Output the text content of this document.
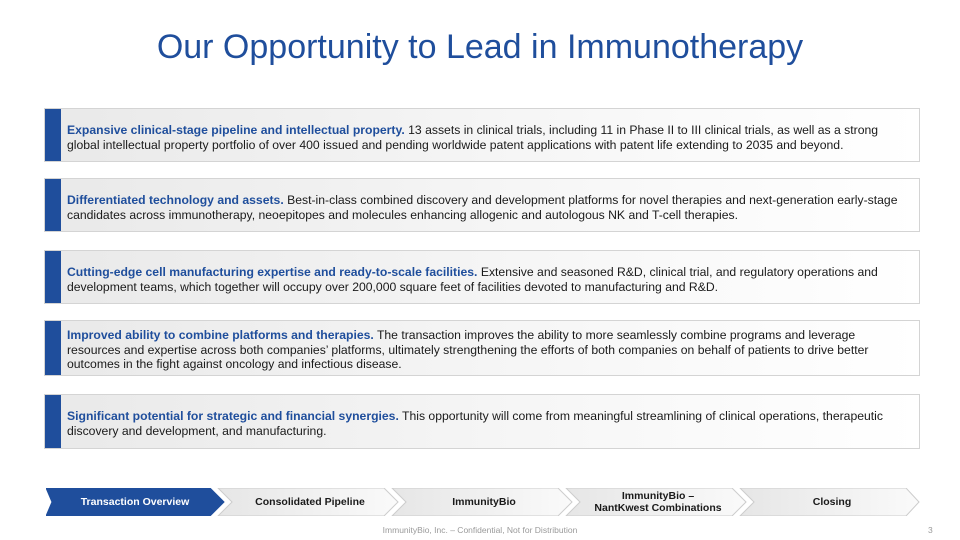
Our Opportunity to Lead in Immunotherapy
Expansive clinical-stage pipeline and intellectual property. 13 assets in clinical trials, including 11 in Phase II to III clinical trials, as well as a strong global intellectual property portfolio of over 400 issued and pending worldwide patent applications with patent life extending to 2035 and beyond.
Differentiated technology and assets. Best-in-class combined discovery and development platforms for novel therapies and next-generation early-stage candidates across immunotherapy, neoepitopes and molecules enhancing allogenic and autologous NK and T-cell therapies.
Cutting-edge cell manufacturing expertise and ready-to-scale facilities. Extensive and seasoned R&D, clinical trial, and regulatory operations and development teams, which together will occupy over 200,000 square feet of facilities devoted to manufacturing and R&D.
Improved ability to combine platforms and therapies. The transaction improves the ability to more seamlessly combine programs and leverage resources and expertise across both companies’ platforms, ultimately strengthening the efforts of both companies on behalf of patients to drive better outcomes in the fight against oncology and infectious disease.
Significant potential for strategic and financial synergies. This opportunity will come from meaningful streamlining of clinical operations, therapeutic discovery and development, and manufacturing.
Transaction Overview	Consolidated Pipeline	ImmunityBio	ImmunityBio –
NantKwest Combinations	Closing
ImmunityBio, Inc. – Confidential, Not for Distribution	3
